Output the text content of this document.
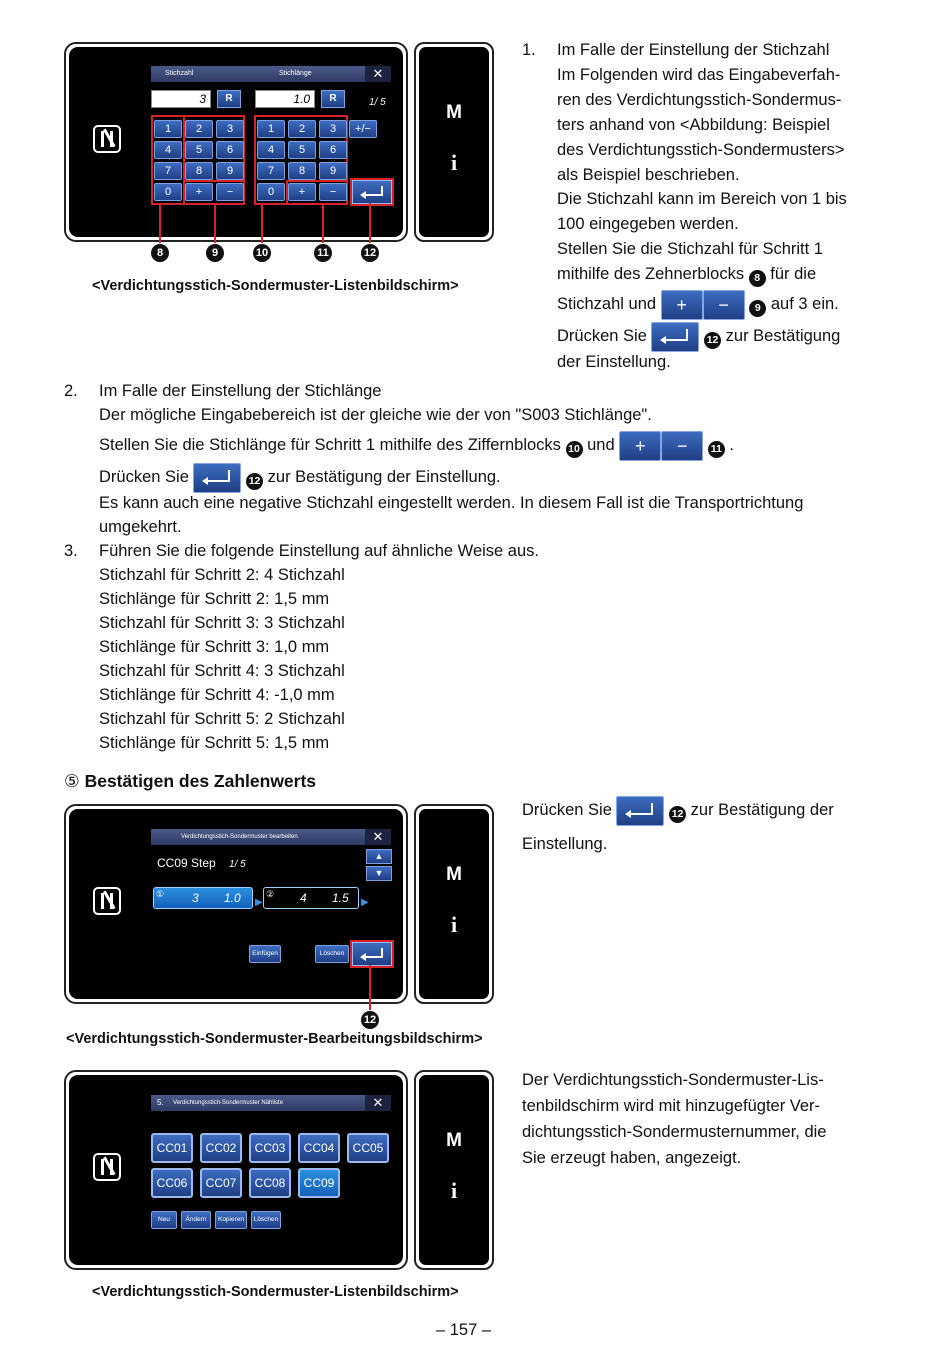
Stichzahl	Stichlänge	✕
3	R	1.0	R	1/ 5
+/−
1	2	3
4	5	6
7	8	9
0	+	−
1	2	3
4	5	6
7	8	9
0	+	−
M
i
8	9	10	11	12
<Verdichtungsstich-Sondermuster-Listenbildschirm>
1.
mithilfe des Zehnerblocks 8 für die
Stichzahl und + − 9 auf 3 ein.
Drücken Sie	12 zur Bestätigung
der Einstellung.
2. Im Falle der Einstellung der Stichlänge
Der mögliche Eingabebereich ist der gleiche wie der von "S003 Stichlänge".
Stellen Sie die Stichlänge für Schritt 1 mithilfe des Ziffernblocks 10 und + − 11 .
Drücken Sie	12 zur Bestätigung der Einstellung.
Es kann auch eine negative Stichzahl eingestellt werden. In diesem Fall ist die Transportrichtung
umgekehrt.
3. Führen Sie die folgende Einstellung auf ähnliche Weise aus.
⑤ Bestätigen des Zahlenwerts
Verdichtungsstich-Sondermuster bearbeiten	✕
CC09 Step 1/ 5
▲
▼
① 3 1.0 ▶
② 4 1.5 ▶
Einfügen	Löschen
M
i
12
<Verdichtungsstich-Sondermuster-Bearbeitungsbildschirm>
Drücken Sie	12 zur Bestätigung der
Einstellung.
5. Verdichtungsstich-Sondermuster Nähliste	✕
Neu	Ändern	Kopieren	Löschen
CC01	CC02	CC03	CC04	CC05
CC06	CC07	CC08	CC09
M
i
<Verdichtungsstich-Sondermuster-Listenbildschirm>
– 157 –
Im Falle der Einstellung der Stichzahl
Im Folgenden wird das Eingabeverfah-
ren des Verdichtungsstich-Sondermus-
ters anhand von <Abbildung: Beispiel
des Verdichtungsstich-Sondermusters>
als Beispiel beschrieben.
Die Stichzahl kann im Bereich von 1 bis
100 eingegeben werden.
Stellen Sie die Stichzahl für Schritt 1
Stichzahl für Schritt 2: 4 Stichzahl
Stichlänge für Schritt 2: 1,5 mm
Stichzahl für Schritt 3: 3 Stichzahl
Stichlänge für Schritt 3: 1,0 mm
Stichzahl für Schritt 4: 3 Stichzahl
Stichlänge für Schritt 4: -1,0 mm
Stichzahl für Schritt 5: 2 Stichzahl
Stichlänge für Schritt 5: 1,5 mm
Der Verdichtungsstich-Sondermuster-Lis-
tenbildschirm wird mit hinzugefügter Ver-
dichtungsstich-Sondermusternummer, die
Sie erzeugt haben, angezeigt.
